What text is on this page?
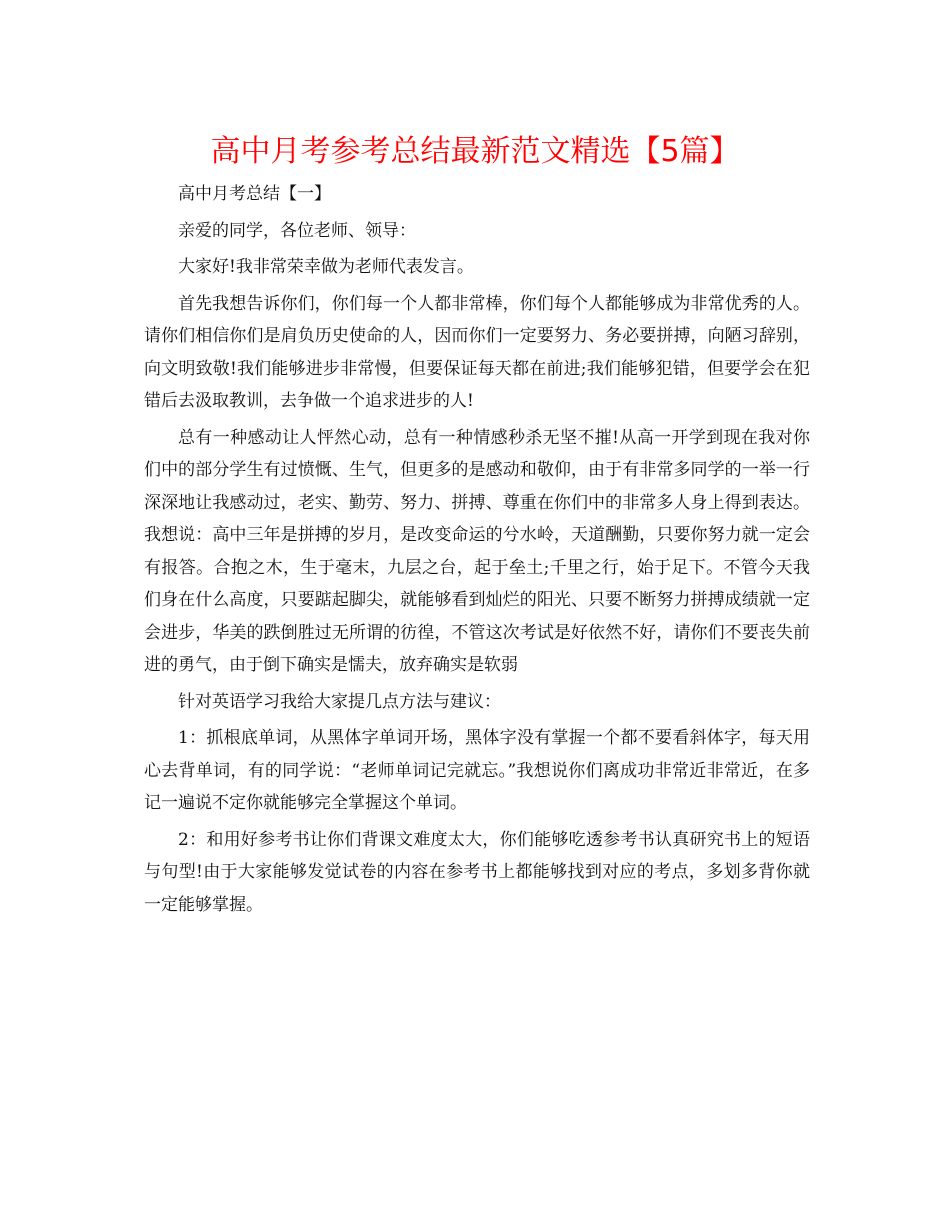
高中月考参考总结最新范文精选【5篇】

高中月考总结【一】

亲爱的同学，各位老师、领导：

大家好!我非常荣幸做为老师代表发言。

首先我想告诉你们，你们每一个人都非常棒，你们每个人都能够成为非常优秀的人。请你们相信你们是肩负历史使命的人，因而你们一定要努力、务必要拼搏，向陋习辞别，向文明致敬!我们能够进步非常慢，但要保证每天都在前进;我们能够犯错，但要学会在犯错后去汲取教训，去争做一个追求进步的人!

总有一种感动让人怦然心动，总有一种情感秒杀无坚不摧!从高一开学到现在我对你们中的部分学生有过愤慨、生气，但更多的是感动和敬仰，由于有非常多同学的一举一行深深地让我感动过，老实、勤劳、努力、拼搏、尊重在你们中的非常多人身上得到表达。我想说：高中三年是拼搏的岁月，是改变命运的兮水岭，天道酬勤，只要你努力就一定会有报答。合抱之木，生于毫末，九层之台，起于垒土;千里之行，始于足下。不管今天我们身在什么高度，只要踮起脚尖，就能够看到灿烂的阳光、只要不断努力拼搏成绩就一定会进步，华美的跌倒胜过无所谓的彷徨，不管这次考试是好依然不好，请你们不要丧失前进的勇气，由于倒下确实是懦夫，放弃确实是软弱

针对英语学习我给大家提几点方法与建议：

1：抓根底单词，从黑体字单词开场，黑体字没有掌握一个都不要看斜体字，每天用心去背单词，有的同学说：“老师单词记完就忘。”我想说你们离成功非常近非常近，在多记一遍说不定你就能够完全掌握这个单词。

2：和用好参考书让你们背课文难度太大，你们能够吃透参考书认真研究书上的短语与句型!由于大家能够发觉试卷的内容在参考书上都能够找到对应的考点，多划多背你就一定能够掌握。
